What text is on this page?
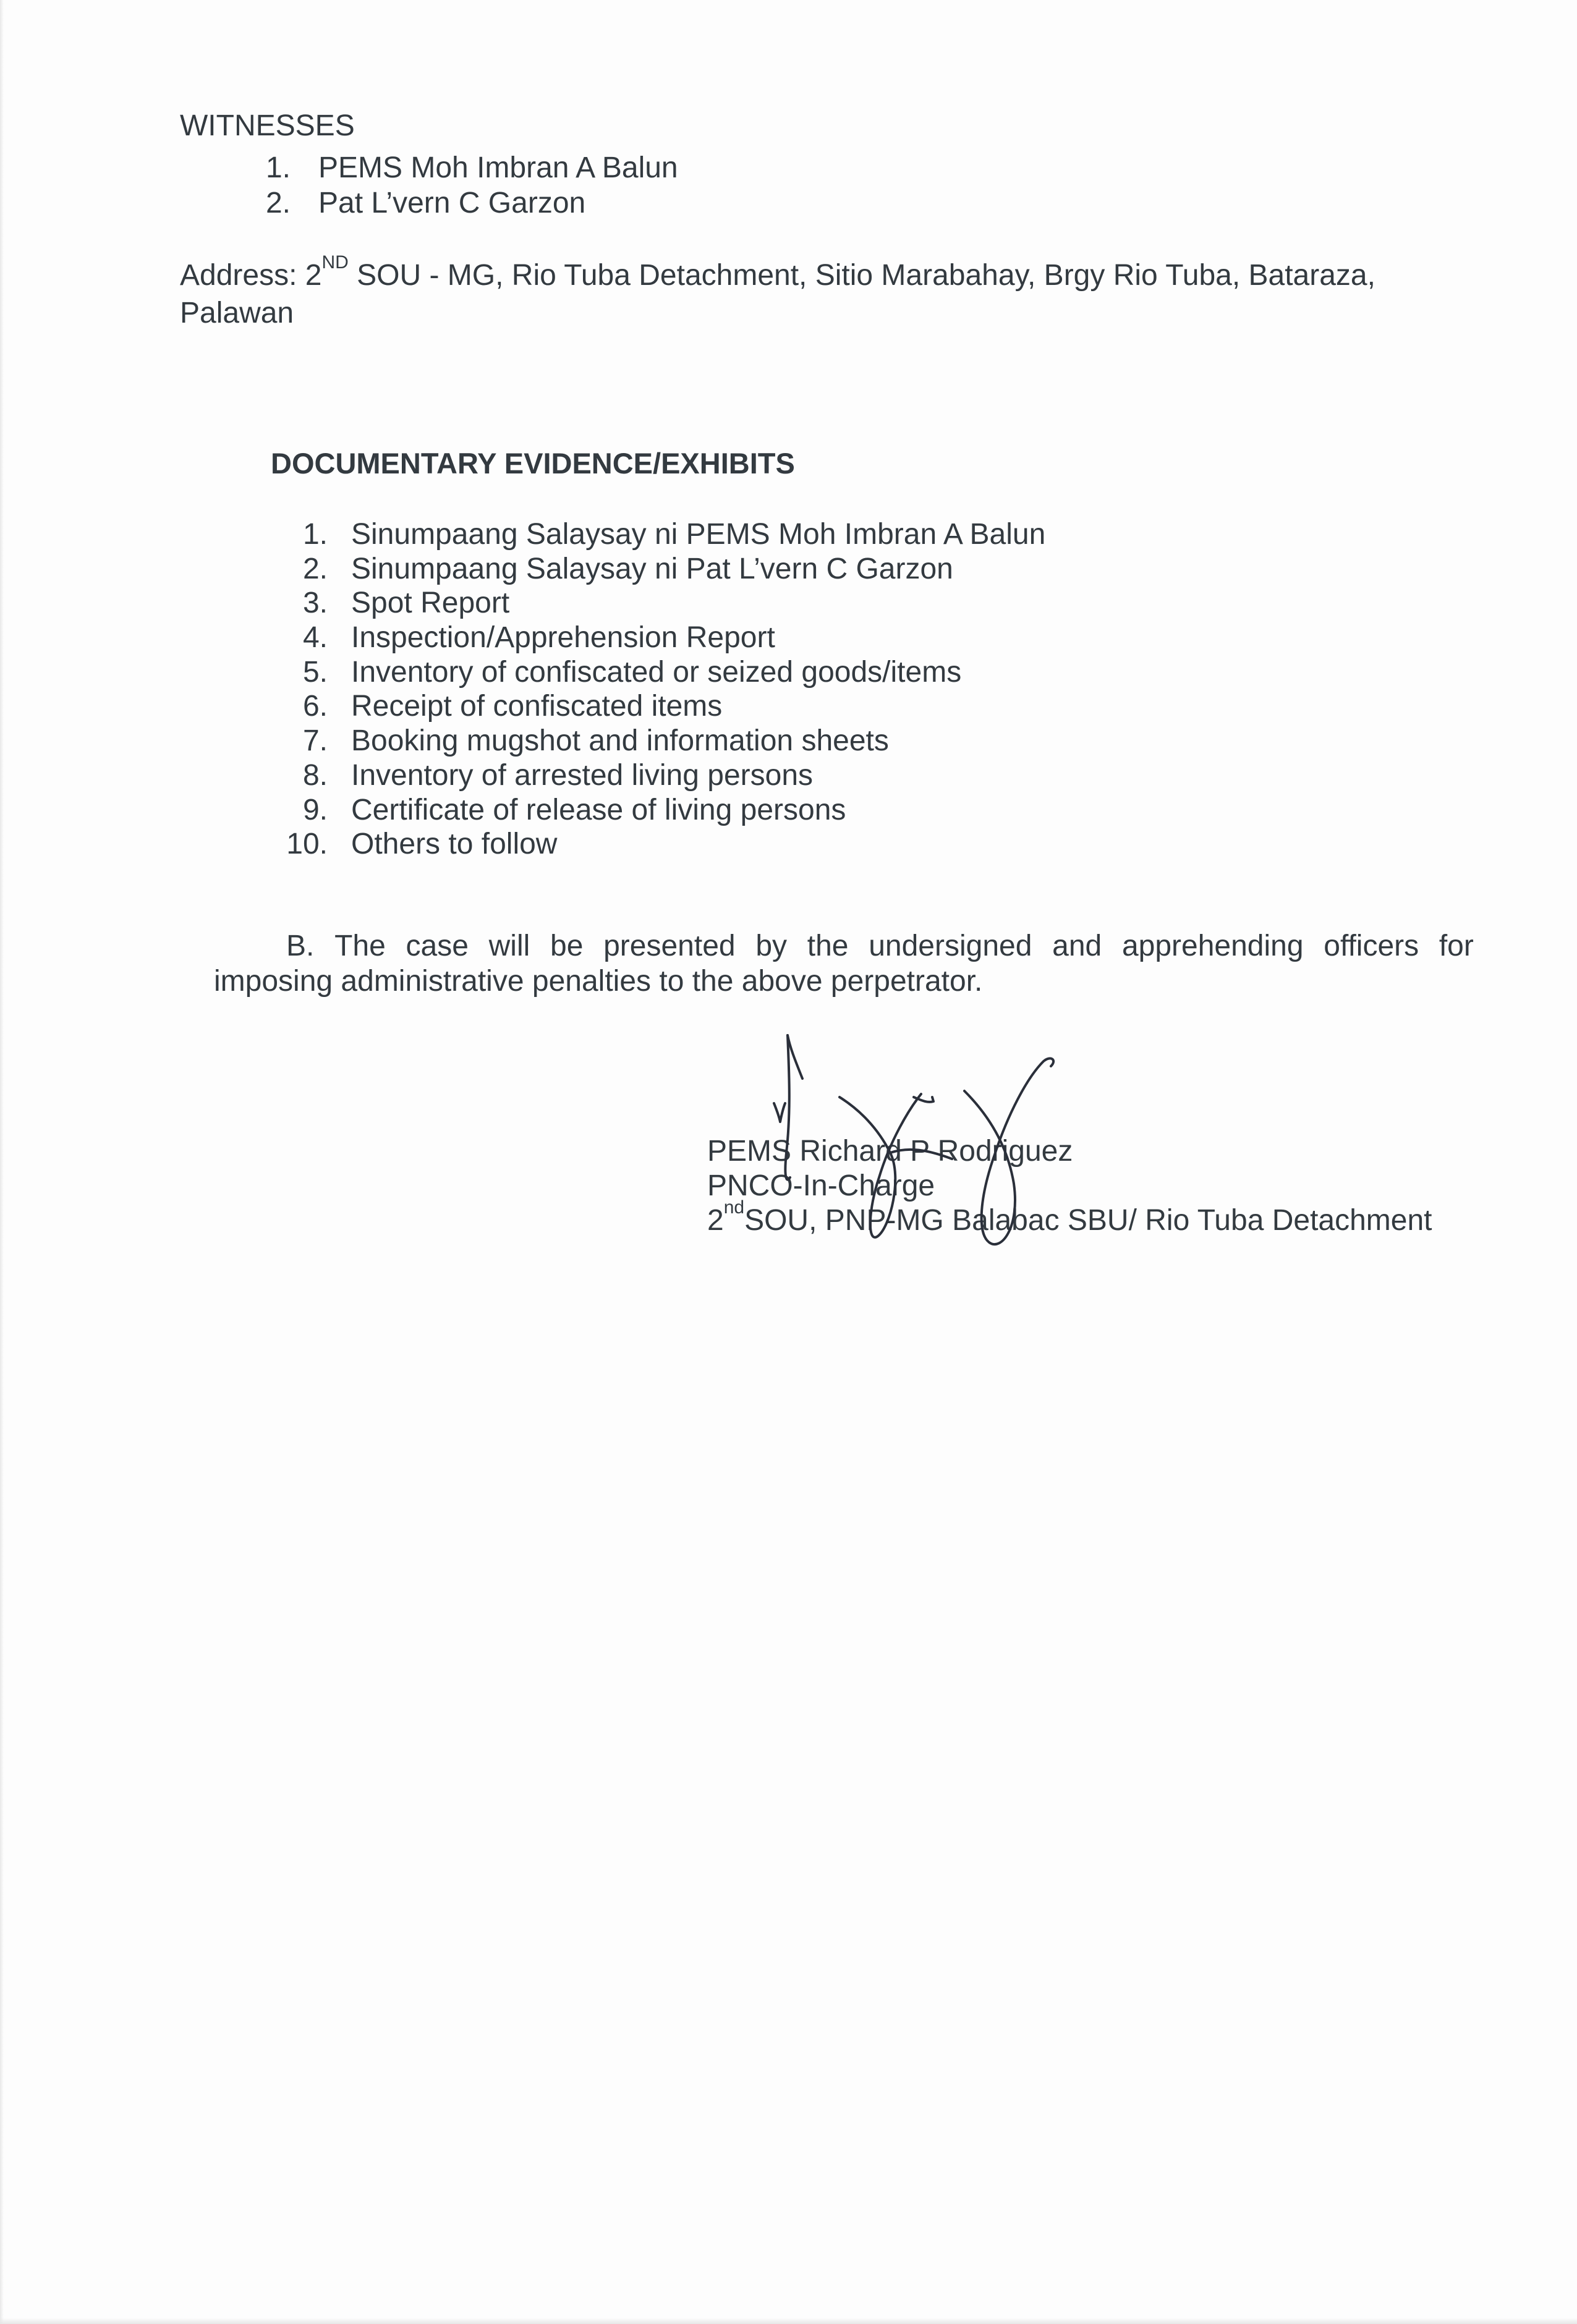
WITNESSES

1. PEMS Moh Imbran A Balun
2. Pat L’vern C Garzon

Address: 2ND SOU - MG, Rio Tuba Detachment, Sitio Marabahay, Brgy Rio Tuba, Bataraza,

Palawan

DOCUMENTARY EVIDENCE/EXHIBITS

1. Sinumpaang Salaysay ni PEMS Moh Imbran A Balun
2. Sinumpaang Salaysay ni Pat L’vern C Garzon
3. Spot Report
4. Inspection/Apprehension Report
5. Inventory of confiscated or seized goods/items
6. Receipt of confiscated items
7. Booking mugshot and information sheets
8. Inventory of arrested living persons
9. Certificate of release of living persons
10. Others to follow
B. The case will be presented by the undersigned and apprehending officers for
imposing administrative penalties to the above perpetrator.

PEMS Richard P Rodriguez

PNCO-In-Charge

2ndSOU, PNP-MG Balabac SBU/ Rio Tuba Detachment
